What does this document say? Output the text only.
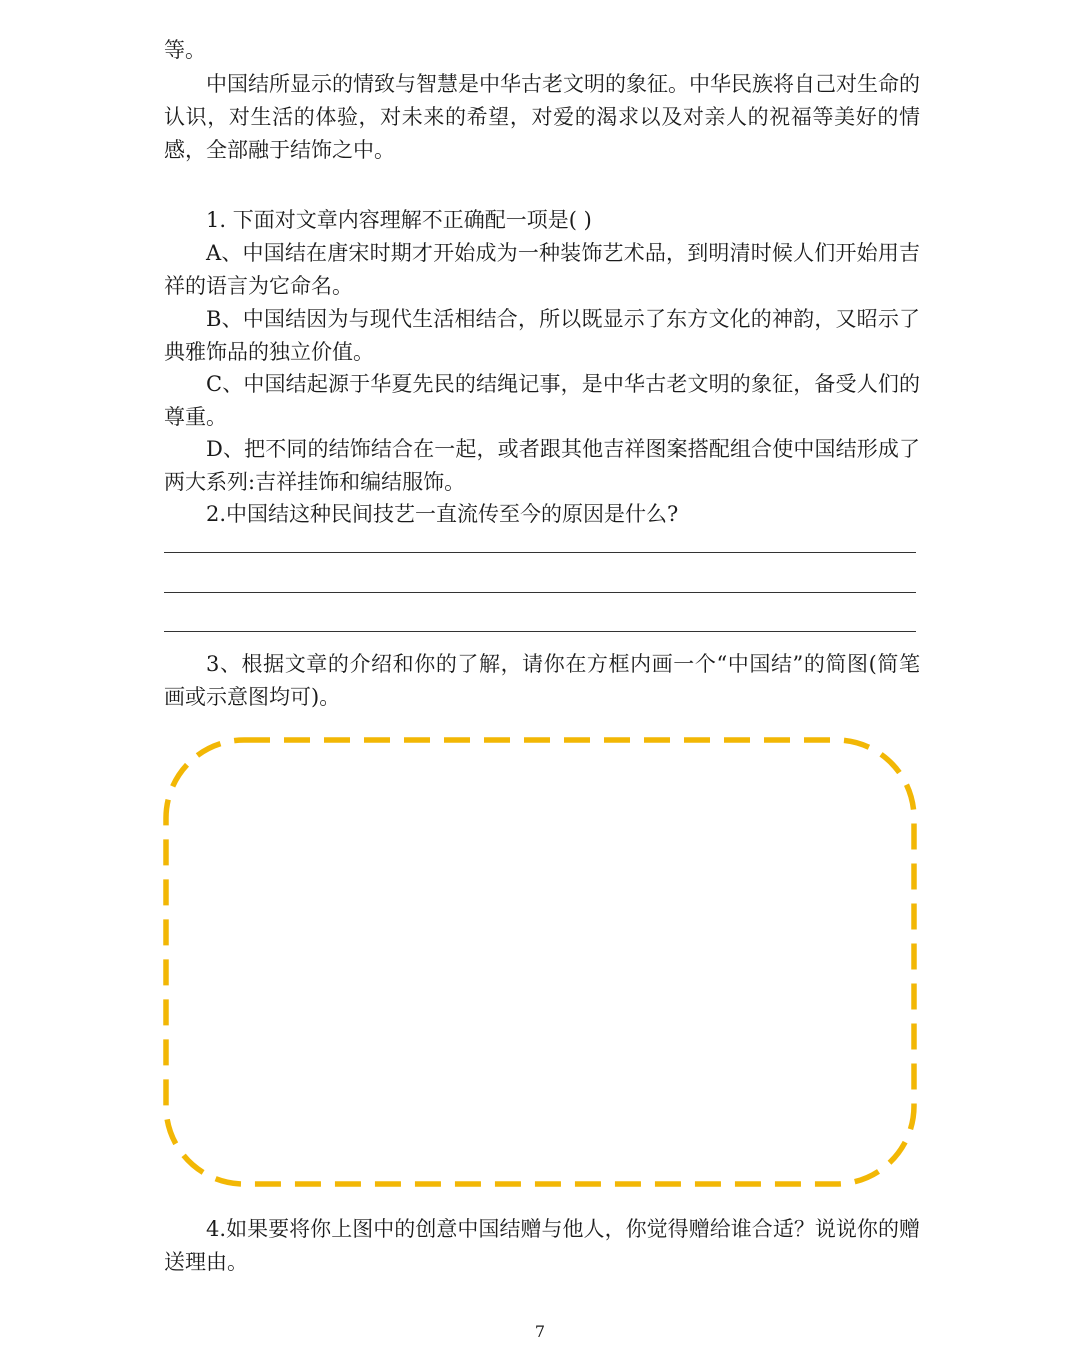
等。

中国结所显示的情致与智慧是中华古老文明的象征。中华民族将自己对生命的认识，对生活的体验，对未来的希望，对爱的渴求以及对亲人的祝福等美好的情感，全部融于结饰之中。

1. 下面对文章内容理解不正确配一项是( )

A、中国结在唐宋时期才开始成为一种装饰艺术品，到明清时候人们开始用吉祥的语言为它命名。

B、中国结因为与现代生活相结合，所以既显示了东方文化的神韵，又昭示了典雅饰品的独立价值。

C、中国结起源于华夏先民的结绳记事，是中华古老文明的象征，备受人们的尊重。

D、把不同的结饰结合在一起，或者跟其他吉祥图案搭配组合使中国结形成了两大系列:吉祥挂饰和编结服饰。

2.中国结这种民间技艺一直流传至今的原因是什么?

3、根据文章的介绍和你的了解，请你在方框内画一个“中国结”的简图(简笔画或示意图均可)。

4.如果要将你上图中的创意中国结赠与他人，你觉得赠给谁合适？说说你的赠送理由。

7
